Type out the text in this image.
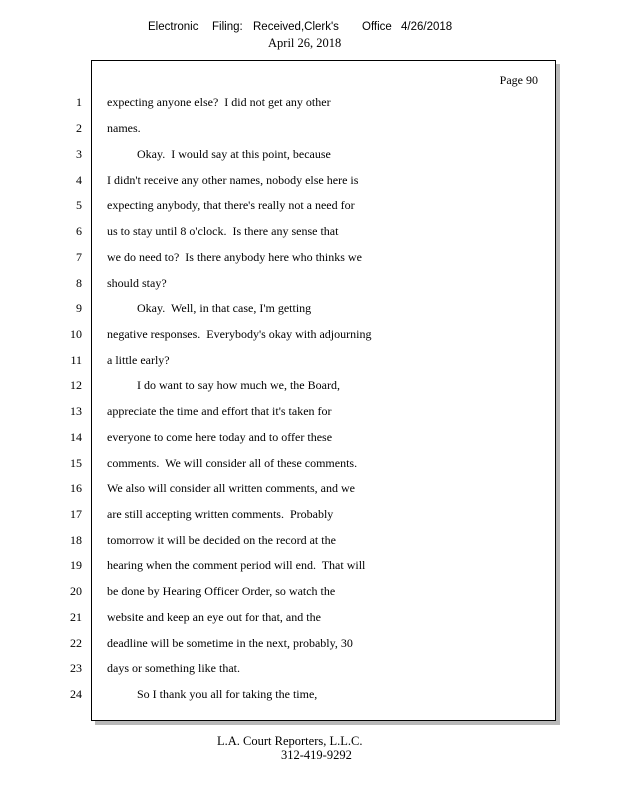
Electronic Filing: Received,Clerk's Office 4/26/2018
April 26, 2018
Page 90
1 expecting anyone else?  I did not get any other
2 names.
3 Okay.  I would say at this point, because
4 I didn't receive any other names, nobody else here is
5 expecting anybody, that there's really not a need for
6 us to stay until 8 o'clock.  Is there any sense that
7 we do need to?  Is there anybody here who thinks we
8 should stay?
9 Okay.  Well, in that case, I'm getting
10 negative responses.  Everybody's okay with adjourning
11 a little early?
12 I do want to say how much we, the Board,
13 appreciate the time and effort that it's taken for
14 everyone to come here today and to offer these
15 comments.  We will consider all of these comments.
16 We also will consider all written comments, and we
17 are still accepting written comments.  Probably
18 tomorrow it will be decided on the record at the
19 hearing when the comment period will end.  That will
20 be done by Hearing Officer Order, so watch the
21 website and keep an eye out for that, and the
22 deadline will be sometime in the next, probably, 30
23 days or something like that.
24 So I thank you all for taking the time,
L.A. Court Reporters, L.L.C.
312-419-9292
